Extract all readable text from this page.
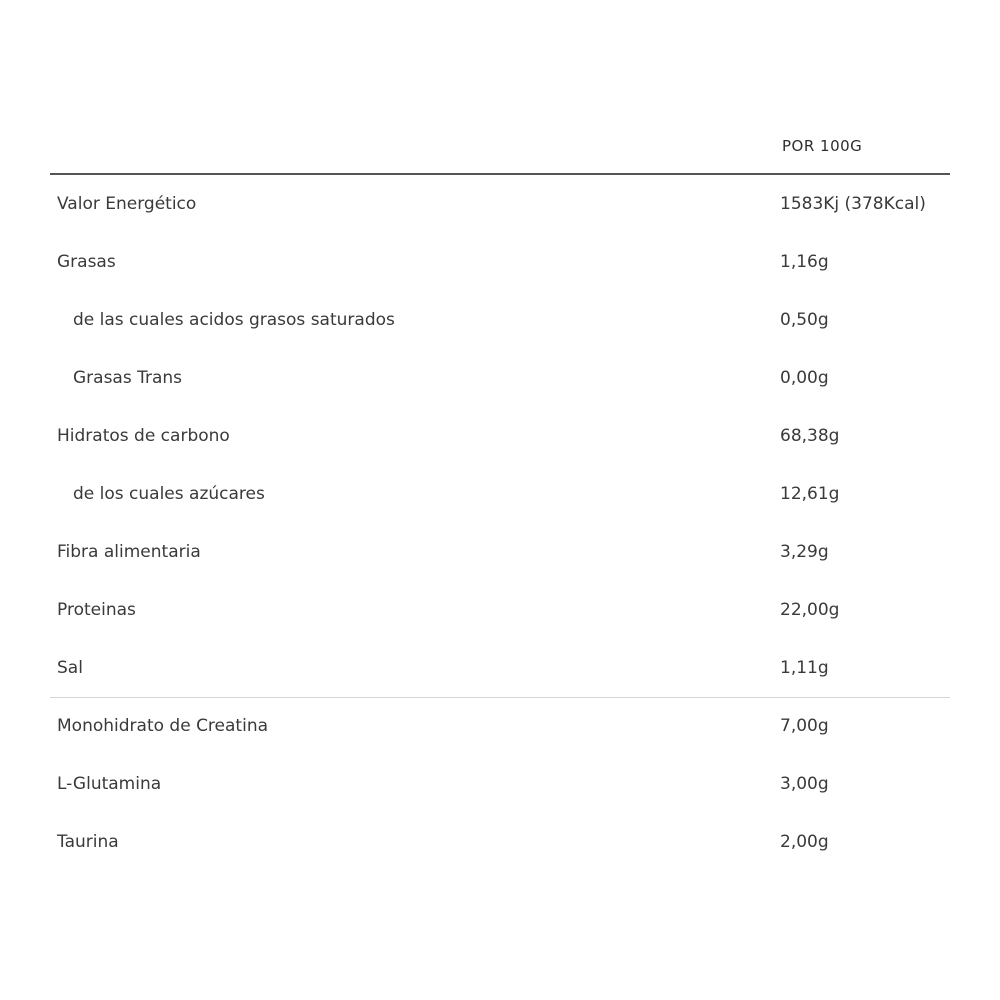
POR 100G
Valor Energético	1583Kj (378Kcal)
Grasas	1,16g
de las cuales acidos grasos saturados	0,50g
Grasas Trans	0,00g
Hidratos de carbono	68,38g
de los cuales azúcares	12,61g
Fibra alimentaria	3,29g
Proteinas	22,00g
Sal	1,11g
Monohidrato de Creatina	7,00g
L-Glutamina	3,00g
Taurina	2,00g
